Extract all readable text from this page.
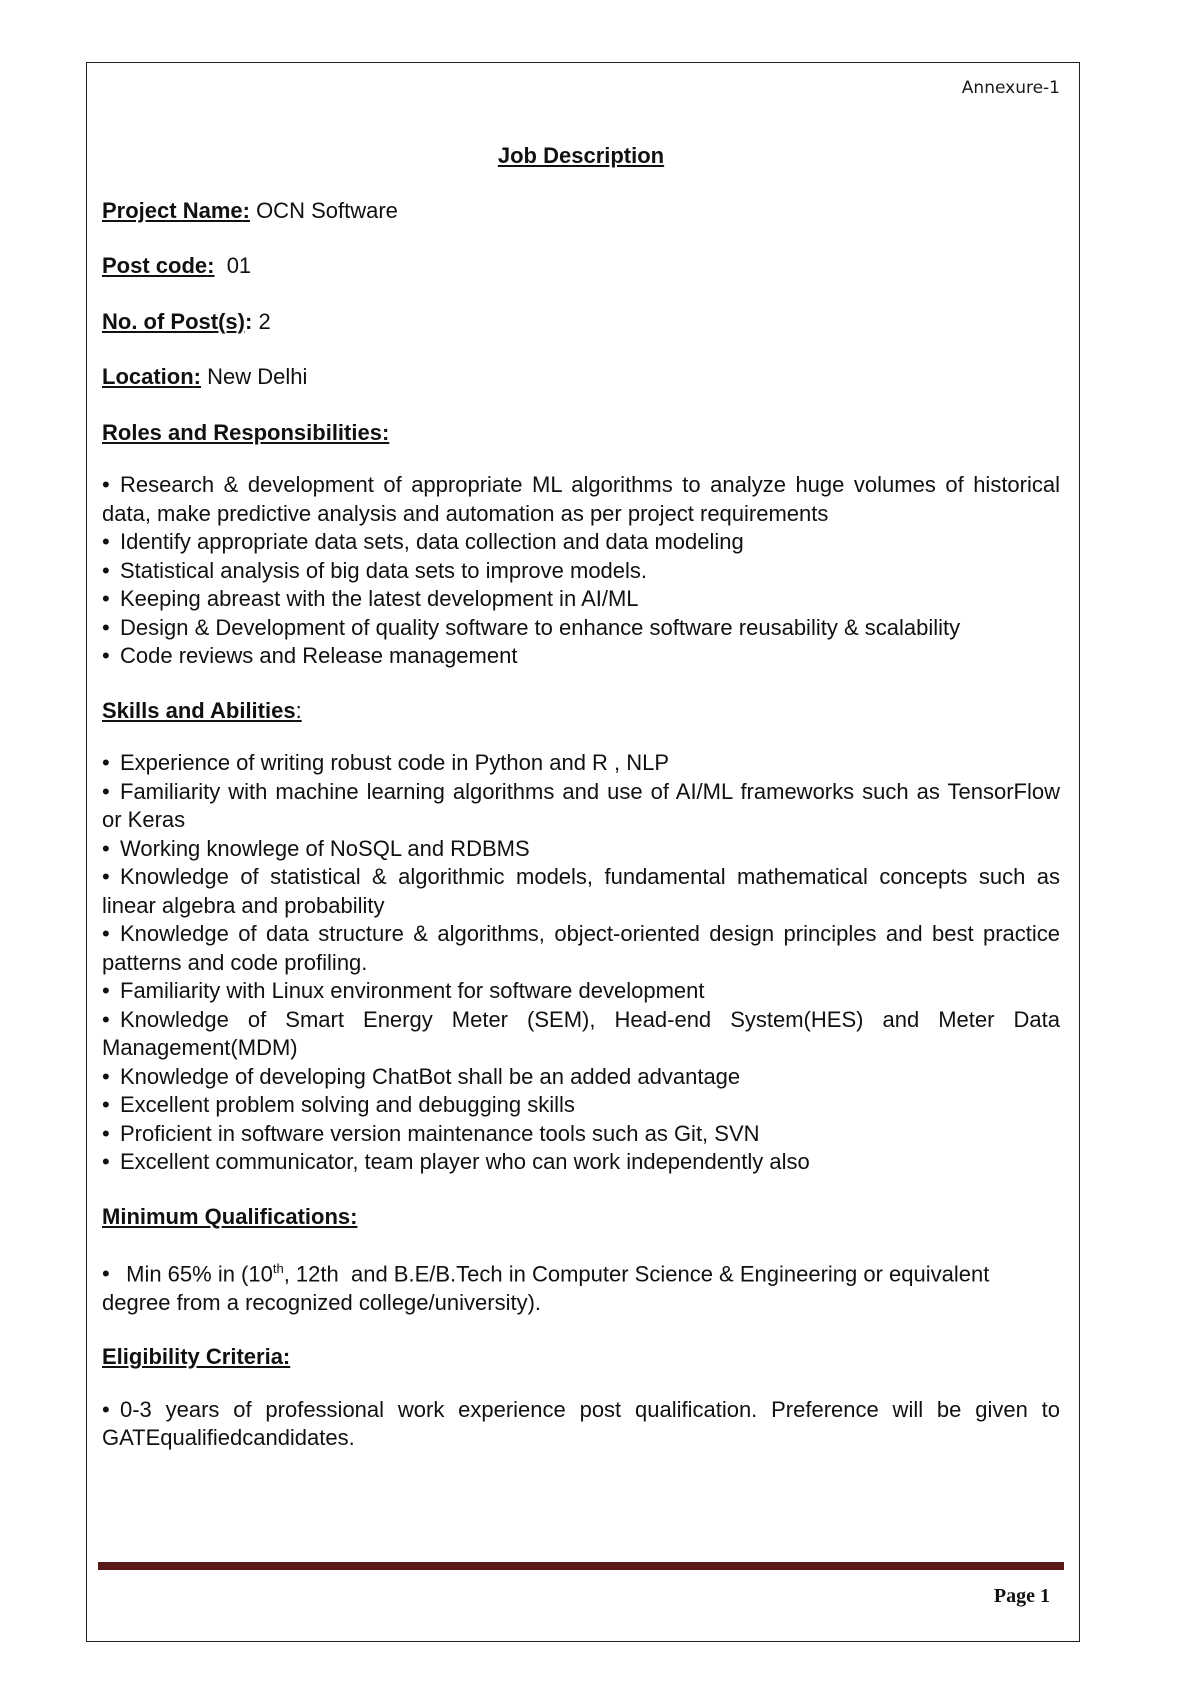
Annexure-1
Job Description
Project Name: OCN Software
Post code:  01
No. of Post(s): 2
Location: New Delhi
Roles and Responsibilities:
• Research & development of appropriate ML algorithms to analyze huge volumes of historical data, make predictive analysis and automation as per project requirements
• Identify appropriate data sets, data collection and data modeling
• Statistical analysis of big data sets to improve models.
• Keeping abreast with the latest development in AI/ML
• Design & Development of quality software to enhance software reusability & scalability
• Code reviews and Release management
Skills and Abilities:
• Experience of writing robust code in Python and R , NLP
• Familiarity with machine learning algorithms and use of AI/ML frameworks such as TensorFlow or Keras
• Working knowlege of NoSQL and RDBMS
• Knowledge of statistical & algorithmic models, fundamental mathematical concepts such as linear algebra and probability
• Knowledge of data structure & algorithms, object-oriented design principles and best practice patterns and code profiling.
• Familiarity with Linux environment for software development
• Knowledge of Smart Energy Meter (SEM), Head-end System(HES) and Meter Data Management(MDM)
• Knowledge of developing ChatBot shall be an added advantage
• Excellent problem solving and debugging skills
• Proficient in software version maintenance tools such as Git, SVN
• Excellent communicator, team player who can work independently also
Minimum Qualifications:
• Min 65% in (10th, 12th  and B.E/B.Tech in Computer Science & Engineering or equivalent degree from a recognized college/university).
Eligibility Criteria:
• 0-3 years of professional work experience post qualification. Preference will be given to GATEqualifiedcandidates.
Page 1
